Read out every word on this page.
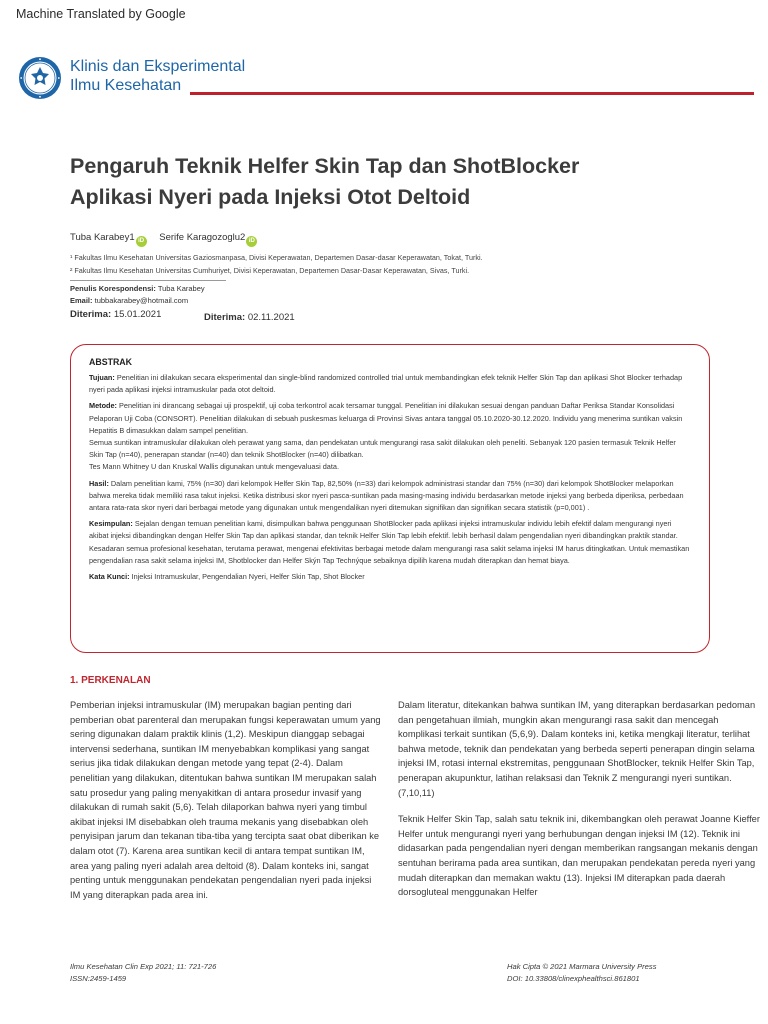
Machine Translated by Google
Klinis dan Eksperimental
Ilmu Kesehatan
Pengaruh Teknik Helfer Skin Tap dan ShotBlocker
Aplikasi Nyeri pada Injeksi Otot Deltoid
Tuba Karabey1 iD Serife Karagozoglu2 iD
¹ Fakultas Ilmu Kesehatan Universitas Gaziosmanpasa, Divisi Keperawatan, Departemen Dasar-dasar Keperawatan, Tokat, Turki.
² Fakultas Ilmu Kesehatan Universitas Cumhuriyet, Divisi Keperawatan, Departemen Dasar-Dasar Keperawatan, Sivas, Turki.
Penulis Korespondensi: Tuba Karabey
Email: tubbakarabey@hotmail.com
Diterima: 15.01.2021	Diterima: 02.11.2021
ABSTRAK

Tujuan: Penelitian ini dilakukan secara eksperimental dan single-blind randomized controlled trial untuk membandingkan efek teknik Helfer Skin Tap dan aplikasi Shot Blocker terhadap nyeri pada aplikasi injeksi intramuskular pada otot deltoid.

Metode: Penelitian ini dirancang sebagai uji prospektif, uji coba terkontrol acak tersamar tunggal. Penelitian ini dilakukan sesuai dengan panduan Daftar Periksa Standar Konsolidasi Pelaporan Uji Coba (CONSORT). Penelitian dilakukan di sebuah puskesmas keluarga di Provinsi Sivas antara tanggal 05.10.2020-30.12.2020. Individu yang menerima suntikan vaksin Hepatitis B dimasukkan dalam sampel penelitian.
Semua suntikan intramuskular dilakukan oleh perawat yang sama, dan pendekatan untuk mengurangi rasa sakit dilakukan oleh peneliti. Sebanyak 120 pasien termasuk Teknik Helfer Skin Tap (n=40), penerapan standar (n=40) dan teknik ShotBlocker (n=40) dilibatkan.
Tes Mann Whitney U dan Kruskal Wallis digunakan untuk mengevaluasi data.

Hasil: Dalam penelitian kami, 75% (n=30) dari kelompok Helfer Skin Tap, 82,50% (n=33) dari kelompok administrasi standar dan 75% (n=30) dari kelompok ShotBlocker melaporkan bahwa mereka tidak memiliki rasa takut injeksi. Ketika distribusi skor nyeri pasca-suntikan pada masing-masing individu berdasarkan metode injeksi yang berbeda diperiksa, perbedaan antara rata-rata skor nyeri dari berbagai metode yang digunakan untuk mengendalikan nyeri ditemukan signifikan dan signifikan secara statistik (p=0,001) .

Kesimpulan: Sejalan dengan temuan penelitian kami, disimpulkan bahwa penggunaan ShotBlocker pada aplikasi injeksi intramuskular individu lebih efektif dalam mengurangi nyeri akibat injeksi dibandingkan dengan Helfer Skin Tap dan aplikasi standar, dan teknik Helfer Skin Tap lebih efektif. lebih berhasil dalam pengendalian nyeri dibandingkan praktik standar. Kesadaran semua profesional kesehatan, terutama perawat, mengenai efektivitas berbagai metode dalam mengurangi rasa sakit selama injeksi IM harus ditingkatkan. Untuk memastikan pengendalian rasa sakit selama injeksi IM, Shotblocker dan Helfer Skýn Tap Technýque sebaiknya dipilih karena mudah diterapkan dan hemat biaya.

Kata Kunci: Injeksi Intramuskular, Pengendalian Nyeri, Helfer Skin Tap, Shot Blocker

1. PERKENALAN

Pemberian injeksi intramuskular (IM) merupakan bagian penting dari pemberian obat parenteral dan merupakan fungsi keperawatan umum yang sering digunakan dalam praktik klinis (1,2). Meskipun dianggap sebagai intervensi sederhana, suntikan IM menyebabkan komplikasi yang sangat serius jika tidak dilakukan dengan metode yang tepat (2-4). Dalam penelitian yang dilakukan, ditentukan bahwa suntikan IM merupakan salah satu prosedur yang paling menyakitkan di antara prosedur invasif yang dilakukan di rumah sakit (5,6). Telah dilaporkan bahwa nyeri yang timbul akibat injeksi IM disebabkan oleh trauma mekanis yang disebabkan oleh penyisipan jarum dan tekanan tiba-tiba yang tercipta saat obat diberikan ke dalam otot (7). Karena area suntikan kecil di antara tempat suntikan IM, area yang paling nyeri adalah area deltoid (8). Dalam konteks ini, sangat penting untuk menggunakan pendekatan pengendalian nyeri pada injeksi IM yang diterapkan pada area ini.

Dalam literatur, ditekankan bahwa suntikan IM, yang diterapkan berdasarkan pedoman dan pengetahuan ilmiah, mungkin akan mengurangi rasa sakit dan mencegah komplikasi terkait suntikan (5,6,9). Dalam konteks ini, ketika mengkaji literatur, terlihat bahwa metode, teknik dan pendekatan yang berbeda seperti penerapan dingin selama injeksi IM, rotasi internal ekstremitas, penggunaan ShotBlocker, teknik Helfer Skin Tap, penerapan akupunktur, latihan relaksasi dan Teknik Z mengurangi nyeri suntikan. (7,10,11)

Teknik Helfer Skin Tap, salah satu teknik ini, dikembangkan oleh perawat Joanne Kieffer Helfer untuk mengurangi nyeri yang berhubungan dengan injeksi IM (12). Teknik ini didasarkan pada pengendalian nyeri dengan memberikan rangsangan mekanis dengan sentuhan berirama pada area suntikan, dan merupakan pendekatan pereda nyeri yang mudah diterapkan dan memakan waktu (13). Injeksi IM diterapkan pada daerah dorsogluteal menggunakan Helfer

Ilmu Kesehatan Clin Exp 2021; 11: 721-726
ISSN:2459-1459
Hak Cipta © 2021 Marmara University Press
DOI: 10.33808/clinexphealthsci.861801
